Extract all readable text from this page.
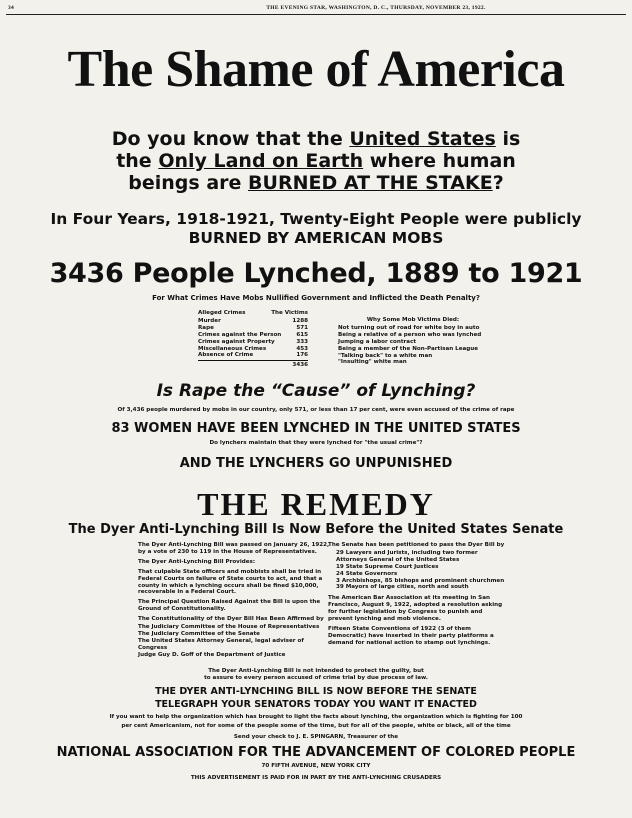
34	THE EVENING STAR, WASHINGTON, D. C., THURSDAY, NOVEMBER 23, 1922.
The Shame of America
Do you know that the United States is
the Only Land on Earth where human
beings are BURNED AT THE STAKE?
In Four Years, 1918-1921, Twenty-Eight People were publicly
BURNED BY AMERICAN MOBS
3436 People Lynched, 1889 to 1921
For What Crimes Have Mobs Nullified Government and Inflicted the Death Penalty?
Alleged Crimes	The Victims
Murder	1288
Rape	571
Crimes against the Person	615
Crimes against Property	333
Miscellaneous Crimes	453
Absence of Crime	176
3436
Why Some Mob Victims Died:
Not turning out of road for white boy in auto
Being a relative of a person who was lynched
Jumping a labor contract
Being a member of the Non-Partisan League
"Talking back" to a white man
"Insulting" white man
Is Rape the “Cause” of Lynching?
Of 3,436 people murdered by mobs in our country, only 571, or less than 17 per cent, were even accused of the crime of rape
83 WOMEN HAVE BEEN LYNCHED IN THE UNITED STATES
Do lynchers maintain that they were lynched for "the usual crime"?
AND THE LYNCHERS GO UNPUNISHED
THE REMEDY
The Dyer Anti-Lynching Bill Is Now Before the United States Senate

The Dyer Anti-Lynching Bill was passed on January 26, 1922, by a vote of 230 to 119 in the House of Representatives.

The Dyer Anti-Lynching Bill Provides:

That culpable State officers and mobbists shall be tried in Federal Courts on failure of State courts to act, and that a county in which a lynching occurs shall be fined $10,000, recoverable in a Federal Court.

The Principal Question Raised Against the Bill is upon the Ground of Constitutionality.

The Constitutionality of the Dyer Bill Has Been Affirmed by

The Judiciary Committee of the House of Representatives
The Judiciary Committee of the Senate
The United States Attorney General, legal adviser of Congress
Judge Guy D. Goff of the Department of Justice

The Senate has been petitioned to pass the Dyer Bill by

29 Lawyers and Jurists, including two former Attorneys General of the United States
19 State Supreme Court Justices
24 State Governors
3 Archbishops, 85 bishops and prominent churchmen
39 Mayors of large cities, north and south

The American Bar Association at its meeting in San Francisco, August 9, 1922, adopted a resolution asking for further legislation by Congress to punish and prevent lynching and mob violence.

Fifteen State Conventions of 1922 (3 of them Democratic) have inserted in their party platforms a demand for national action to stamp out lynchings.

The Dyer Anti-Lynching Bill is not intended to protect the guilty, but
to assure to every person accused of crime trial by due process of law.
THE DYER ANTI-LYNCHING BILL IS NOW BEFORE THE SENATE
TELEGRAPH YOUR SENATORS TODAY YOU WANT IT ENACTED
If you want to help the organization which has brought to light the facts about lynching, the organization which is fighting for 100
per cent Americanism, not for some of the people some of the time, but for all of the people, white or black, all of the time
Send your check to J. E. SPINGARN, Treasurer of the
NATIONAL ASSOCIATION FOR THE ADVANCEMENT OF COLORED PEOPLE
70 FIFTH AVENUE, NEW YORK CITY
THIS ADVERTISEMENT IS PAID FOR IN PART BY THE ANTI-LYNCHING CRUSADERS
